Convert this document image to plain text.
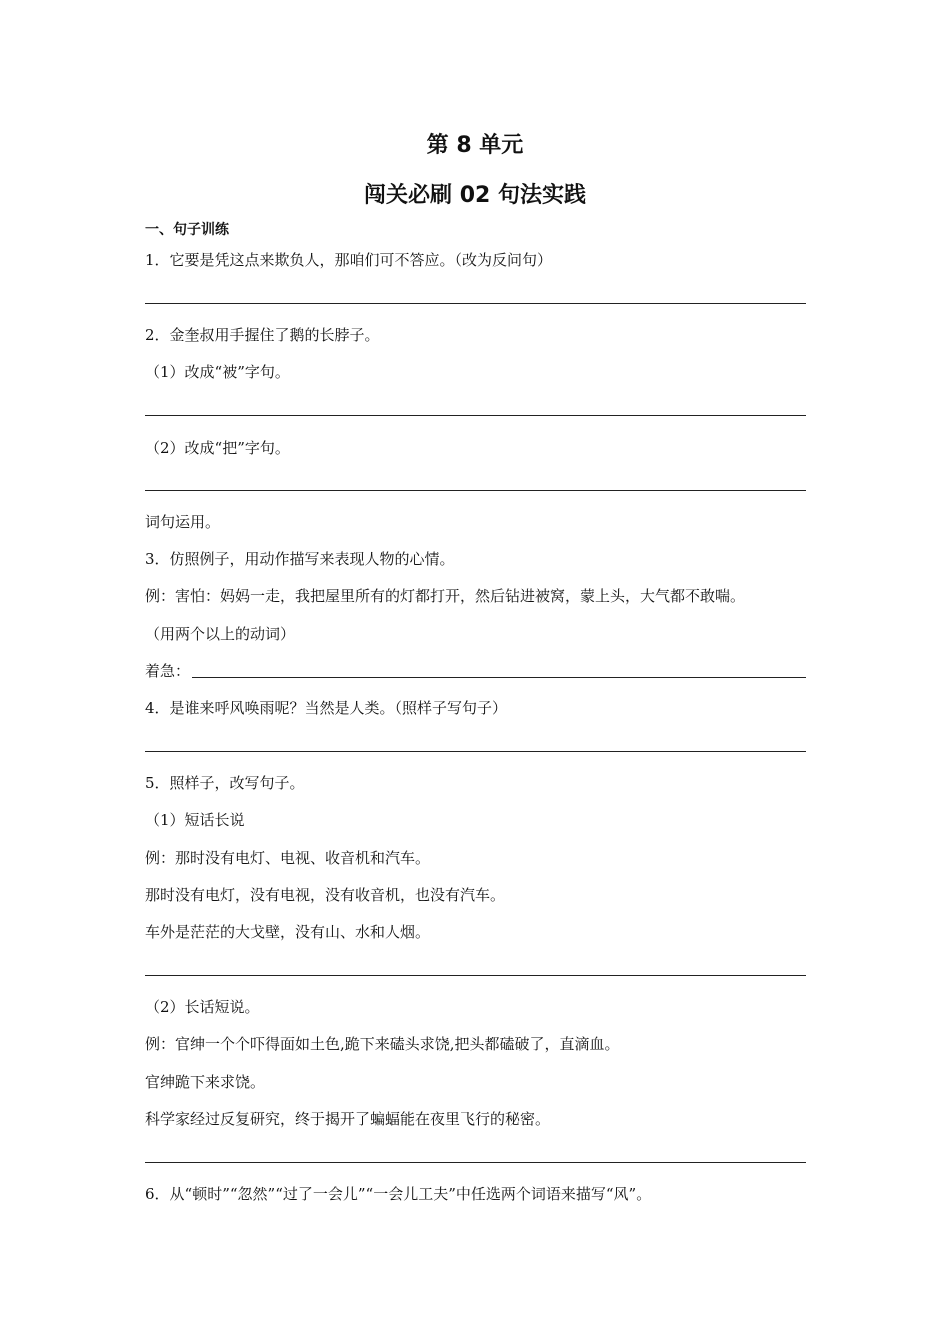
第 8 单元
闯关必刷 02 句法实践
一、句子训练
1．它要是凭这点来欺负人，那咱们可不答应。（改为反问句）
2．金奎叔用手握住了鹅的长脖子。
（1）改成“被”字句。
（2）改成“把”字句。
词句运用。
3．仿照例子，用动作描写来表现人物的心情。
例：害怕：妈妈一走，我把屋里所有的灯都打开，然后钻进被窝，蒙上头，大气都不敢喘。
（用两个以上的动词）
着急：
4．是谁来呼风唤雨呢？当然是人类。（照样子写句子）
5．照样子，改写句子。
（1）短话长说
例：那时没有电灯、电视、收音机和汽车。
那时没有电灯，没有电视，没有收音机，也没有汽车。
车外是茫茫的大戈壁，没有山、水和人烟。
（2）长话短说。
例：官绅一个个吓得面如土色,跪下来磕头求饶,把头都磕破了，直滴血。
官绅跪下来求饶。
科学家经过反复研究，终于揭开了蝙蝠能在夜里飞行的秘密。
6．从“顿时”“忽然”“过了一会儿”“一会儿工夫”中任选两个词语来描写“风”。
